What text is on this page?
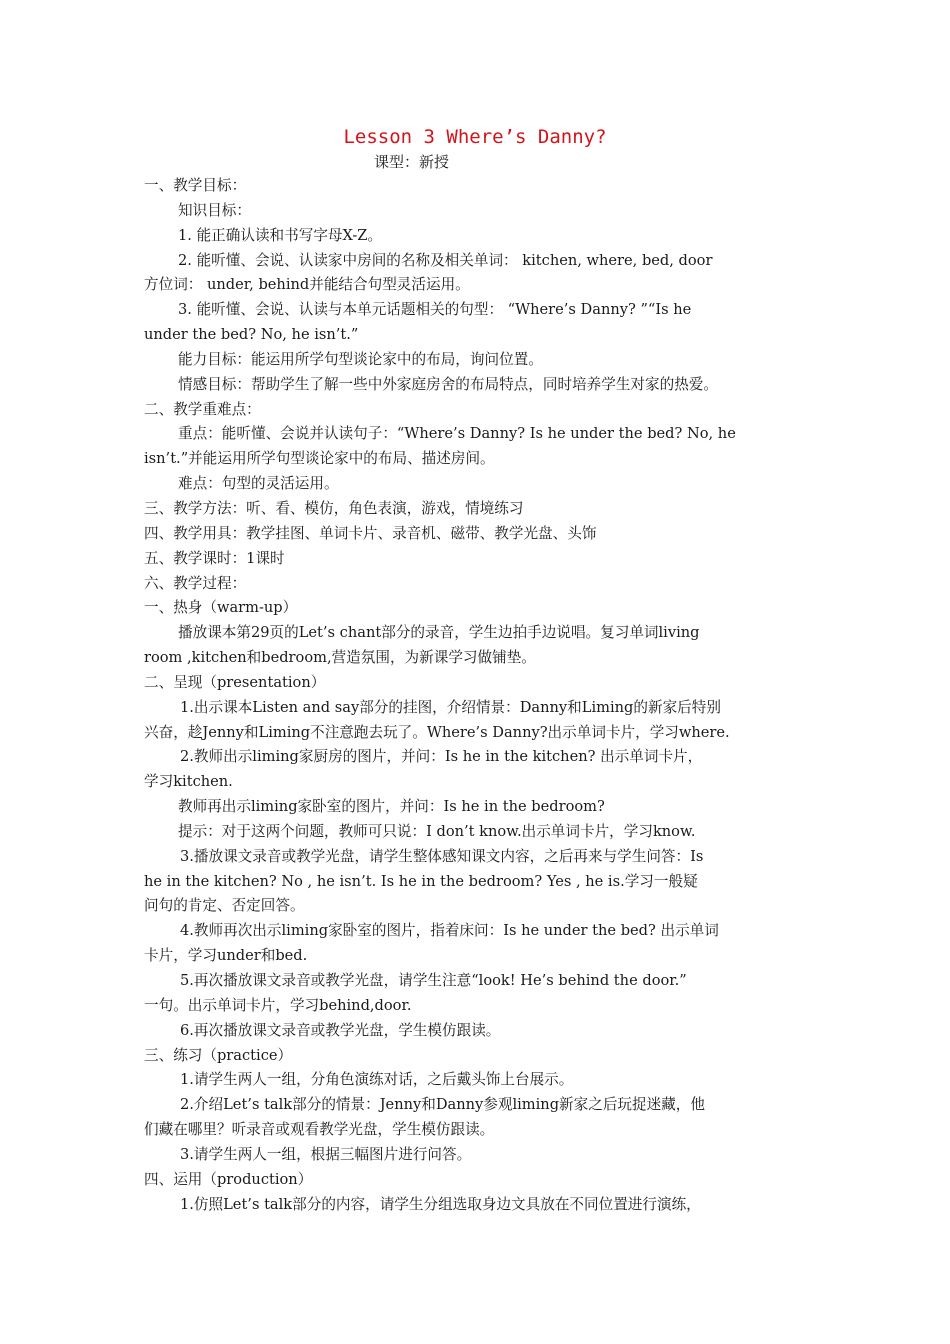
Lesson 3 Where’s Danny?
课型：新授
一、教学目标：
知识目标：
1. 能正确认读和书写字母X-Z。
2. 能听懂、会说、认读家中房间的名称及相关单词： kitchen, where, bed, door
方位词： under, behind并能结合句型灵活运用。
3. 能听懂、会说、认读与本单元话题相关的句型： “Where’s Danny? ”“Is he
under the bed? No, he isn’t.”
能力目标：能运用所学句型谈论家中的布局，询问位置。
情感目标：帮助学生了解一些中外家庭房舍的布局特点，同时培养学生对家的热爱。
二、教学重难点：
重点：能听懂、会说并认读句子：“Where’s Danny? Is he under the bed? No, he
isn’t.”并能运用所学句型谈论家中的布局、描述房间。
难点：句型的灵活运用。
三、教学方法：听、看、模仿，角色表演，游戏，情境练习
四、教学用具：教学挂图、单词卡片、录音机、磁带、教学光盘、头饰
五、教学课时：1课时
六、教学过程：
一、热身（warm-up）
播放课本第29页的Let’s chant部分的录音，学生边拍手边说唱。复习单词living
room ,kitchen和bedroom,营造氛围，为新课学习做铺垫。
二、呈现（presentation）
1.出示课本Listen and say部分的挂图，介绍情景：Danny和Liming的新家后特别
兴奋，趁Jenny和Liming不注意跑去玩了。Where’s Danny?出示单词卡片，学习where.
2.教师出示liming家厨房的图片，并问：Is he in the kitchen? 出示单词卡片，
学习kitchen.
教师再出示liming家卧室的图片，并问：Is he in the bedroom?
提示：对于这两个问题，教师可只说：I don’t know.出示单词卡片，学习know.
3.播放课文录音或教学光盘，请学生整体感知课文内容，之后再来与学生问答：Is
he in the kitchen? No , he isn’t. Is he in the bedroom? Yes , he is.学习一般疑
问句的肯定、否定回答。
4.教师再次出示liming家卧室的图片，指着床问：Is he under the bed? 出示单词
卡片，学习under和bed.
5.再次播放课文录音或教学光盘，请学生注意“look! He’s behind the door.”
一句。出示单词卡片，学习behind,door.
6.再次播放课文录音或教学光盘，学生模仿跟读。
三、练习（practice）
1.请学生两人一组，分角色演练对话，之后戴头饰上台展示。
2.介绍Let’s talk部分的情景：Jenny和Danny参观liming新家之后玩捉迷藏，他
们藏在哪里？听录音或观看教学光盘，学生模仿跟读。
3.请学生两人一组，根据三幅图片进行问答。
四、运用（production）
1.仿照Let’s talk部分的内容，请学生分组选取身边文具放在不同位置进行演练，
